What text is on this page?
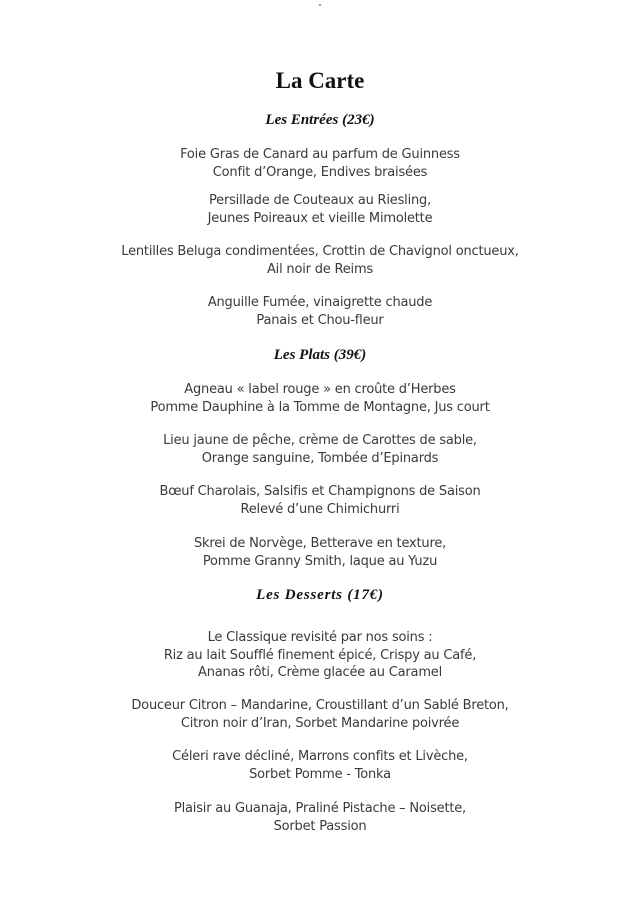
"
La Carte
Les Entrées (23€)
Foie Gras de Canard au parfum de Guinness
Confit d’Orange, Endives braisées
Persillade de Couteaux au Riesling,
Jeunes Poireaux et vieille Mimolette
Lentilles Beluga condimentées, Crottin de Chavignol onctueux,
Ail noir de Reims
Anguille Fumée, vinaigrette chaude
Panais et Chou-fleur
Les Plats (39€)
Agneau « label rouge » en croûte d’Herbes
Pomme Dauphine à la Tomme de Montagne, Jus court
Lieu jaune de pêche, crème de Carottes de sable,
Orange sanguine, Tombée d’Epinards
Bœuf Charolais, Salsifis et Champignons de Saison
Relevé d’une Chimichurri
Skrei de Norvège, Betterave en texture,
Pomme Granny Smith, laque au Yuzu
Les Desserts (17€)
Le Classique revisité par nos soins :
Riz au lait Soufflé finement épicé, Crispy au Café,
Ananas rôti, Crème glacée au Caramel
Douceur Citron – Mandarine, Croustillant d’un Sablé Breton,
Citron noir d’Iran, Sorbet Mandarine poivrée
Céleri rave décliné, Marrons confits et Livèche,
Sorbet Pomme - Tonka
Plaisir au Guanaja, Praliné Pistache – Noisette,
Sorbet Passion
